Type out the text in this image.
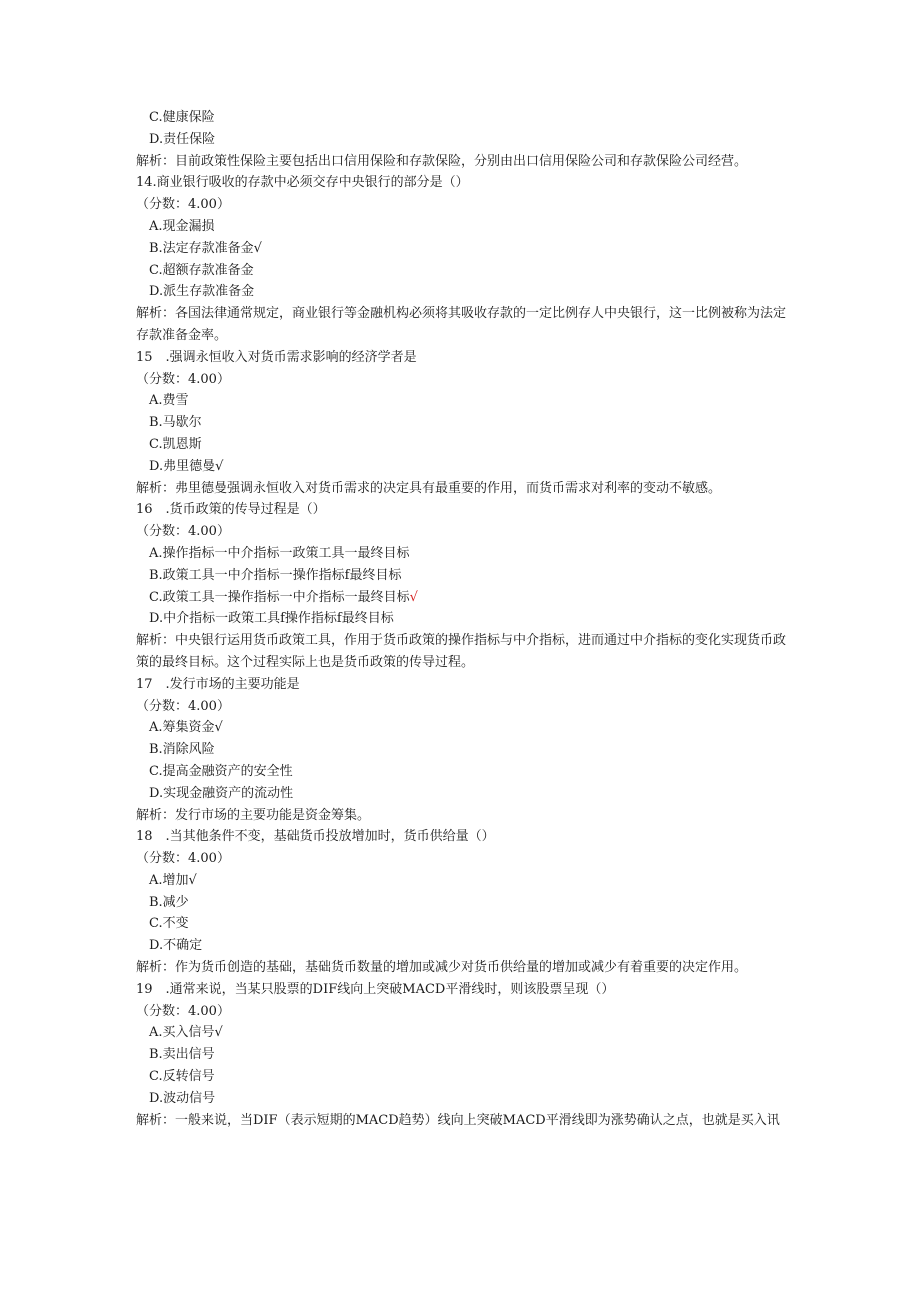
C.健康保险
D.责任保险
解析：目前政策性保险主要包括出口信用保险和存款保险，分别由出口信用保险公司和存款保险公司经营。
14.商业银行吸收的存款中必须交存中央银行的部分是（）
（分数：4.00）
A.现金漏损
B.法定存款准备金√
C.超额存款准备金
D.派生存款准备金
解析：各国法律通常规定，商业银行等金融机构必须将其吸收存款的一定比例存人中央银行，这一比例被称为法定存款准备金率。
15　.强调永恒收入对货币需求影响的经济学者是
（分数：4.00）
A.费雪
B.马歇尔
C.凯恩斯
D.弗里德曼√
解析：弗里德曼强调永恒收入对货币需求的决定具有最重要的作用，而货币需求对利率的变动不敏感。
16　.货币政策的传导过程是（）
（分数：4.00）
A.操作指标一中介指标一政策工具一最终目标
B.政策工具一中介指标一操作指标f最终目标
C.政策工具一操作指标一中介指标一最终目标√
D.中介指标一政策工具f操作指标f最终目标
解析：中央银行运用货币政策工具，作用于货币政策的操作指标与中介指标，进而通过中介指标的变化实现货币政策的最终目标。这个过程实际上也是货币政策的传导过程。
17　.发行市场的主要功能是
（分数：4.00）
A.筹集资金√
B.消除风险
C.提高金融资产的安全性
D.实现金融资产的流动性
解析：发行市场的主要功能是资金筹集。
18　.当其他条件不变，基础货币投放增加时，货币供给量（）
（分数：4.00）
A.增加√
B.减少
C.不变
D.不确定
解析：作为货币创造的基础，基础货币数量的增加或减少对货币供给量的增加或减少有着重要的决定作用。
19　.通常来说，当某只股票的DIF线向上突破MACD平滑线时，则该股票呈现（）
（分数：4.00）
A.买入信号√
B.卖出信号
C.反转信号
D.波动信号
解析：一般来说，当DIF（表示短期的MACD趋势）线向上突破MACD平滑线即为涨势确认之点，也就是买入讯
